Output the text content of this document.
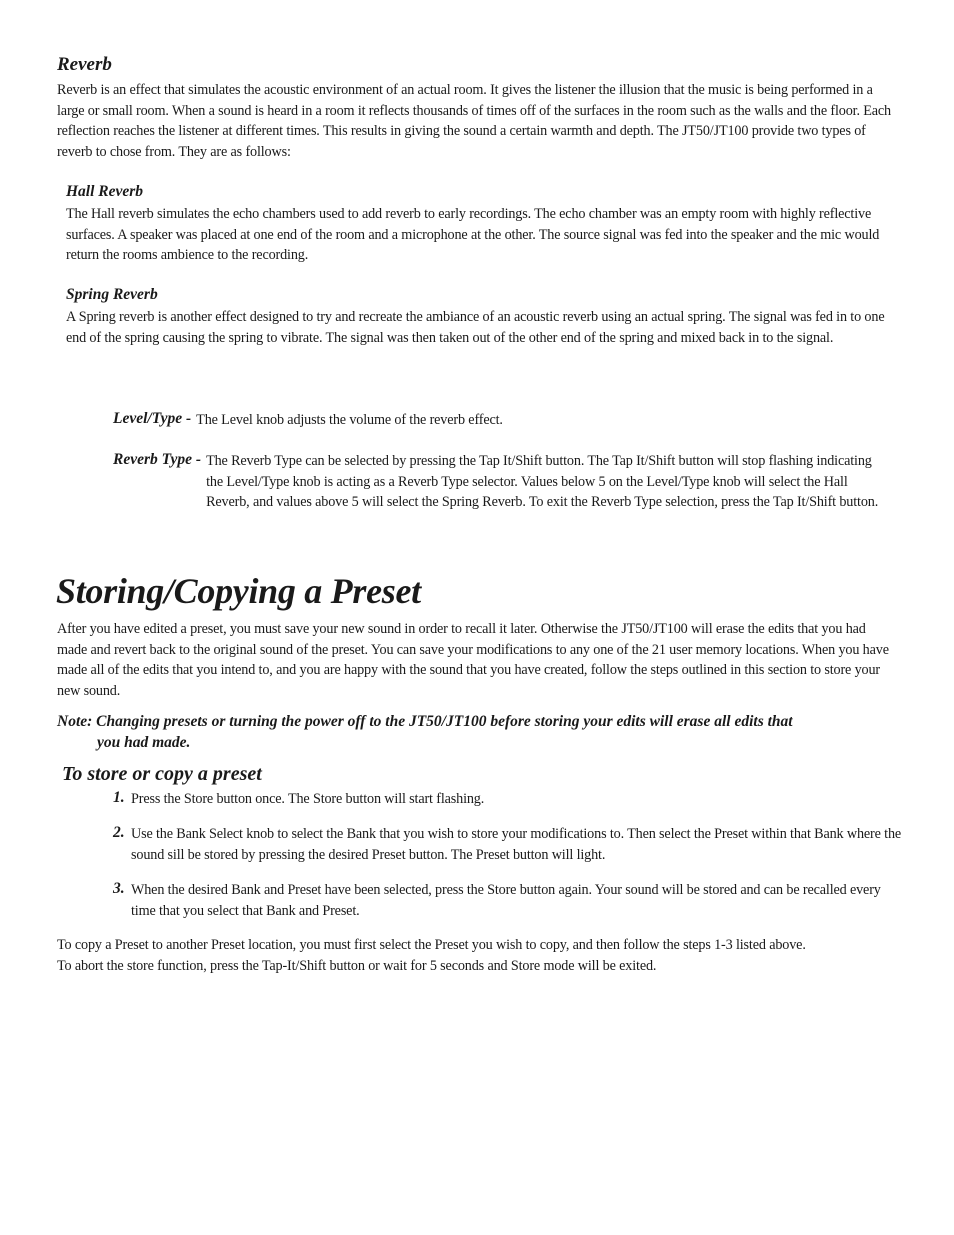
Reverb
Reverb is an effect that simulates the acoustic environment of an actual room. It gives the listener the illusion that the music is being performed in a large or small room. When a sound is heard in a room it reflects thousands of times off of the surfaces in the room such as the walls and the floor. Each reflection reaches the listener at different times. This results in giving the sound a certain warmth and depth. The JT50/JT100 provide two types of reverb to chose from. They are as follows:
Hall Reverb
The Hall reverb simulates the echo chambers used to add reverb to early recordings. The echo chamber was an empty room with highly reflective surfaces. A speaker was placed at one end of the room and a microphone at the other. The source signal was fed into the speaker and the mic would return the rooms ambience to the recording.
Spring Reverb
A Spring reverb is another effect designed to try and recreate the ambiance of an acoustic reverb using an actual spring. The signal was fed in to one end of the spring causing the spring to vibrate. The signal was then taken out of the other end of the spring and mixed back in to the signal.
Level/Type - The Level knob adjusts the volume of the reverb effect.
Reverb Type - The Reverb Type can be selected by pressing the Tap It/Shift button. The Tap It/Shift button will stop flashing indicating the Level/Type knob is acting as a Reverb Type selector. Values below 5 on the Level/Type knob will select the Hall Reverb, and values above 5 will select the Spring Reverb. To exit the Reverb Type selection, press the Tap It/Shift button.
Storing/Copying a Preset
After you have edited a preset, you must save your new sound in order to recall it later. Otherwise the JT50/JT100 will erase the edits that you had made and revert back to the original sound of the preset. You can save your modifications to any one of the 21 user memory locations. When you have made all of the edits that you intend to, and you are happy with the sound that you have created, follow the steps outlined in this section to store your new sound.
Note: Changing presets or turning the power off to the JT50/JT100 before storing your edits will erase all edits that
you had made.
To store or copy a preset
1. Press the Store button once. The Store button will start flashing.
2. Use the Bank Select knob to select the Bank that you wish to store your modifications to. Then select the Preset within that Bank where the sound sill be stored by pressing the desired Preset button. The Preset button will light.
3. When the desired Bank and Preset have been selected, press the Store button again. Your sound will be stored and can be recalled every time that you select that Bank and Preset.
To copy a Preset to another Preset location, you must first select the Preset you wish to copy, and then follow the steps 1-3 listed above.
To abort the store function, press the Tap-It/Shift button or wait for 5 seconds and Store mode will be exited.
